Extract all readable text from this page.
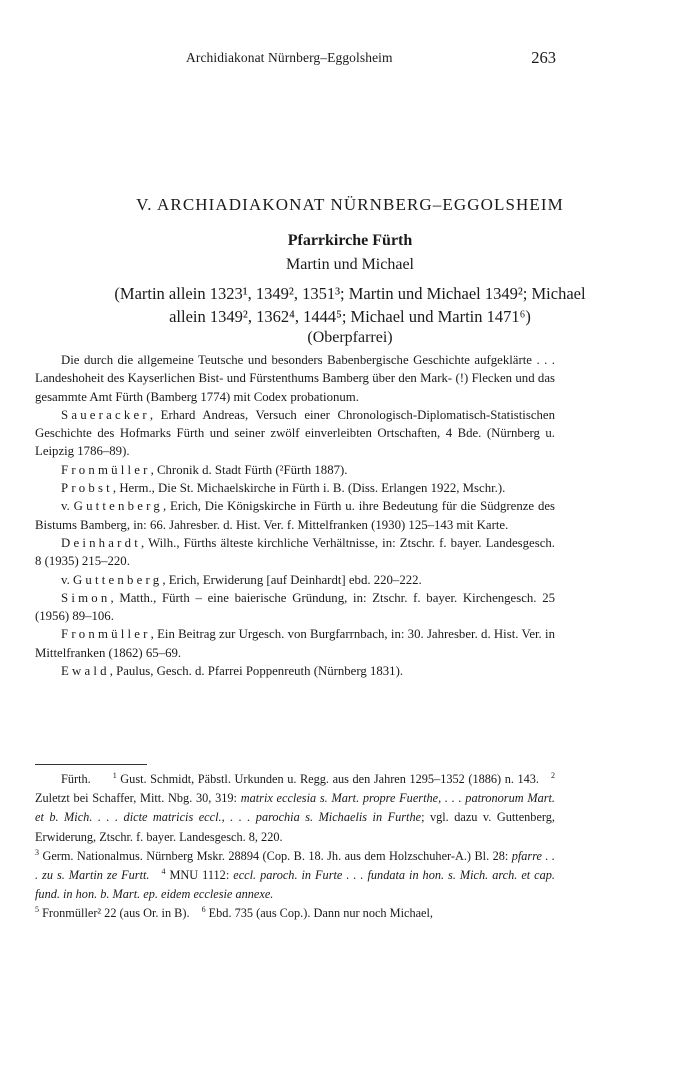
Archidiakonat Nürnberg–Eggolsheim	263
V. ARCHIADIAKONAT NÜRNBERG–EGGOLSHEIM
Pfarrkirche Fürth
Martin und Michael
(Martin allein 1323¹, 1349², 1351³; Martin und Michael 1349²; Michael
allein 1349², 1362⁴, 1444⁵; Michael und Martin 1471⁶)
(Oberpfarrei)

Die durch die allgemeine Teutsche und besonders Babenbergische Geschichte aufgeklärte . . . Landeshoheit des Kayserlichen Bist- und Fürstenthums Bamberg über den Mark- (!) Flecken und das gesammte Amt Fürth (Bamberg 1774) mit Codex probationum.

Saueracker, Erhard Andreas, Versuch einer Chronologisch-Diplomatisch-Statistischen Geschichte des Hofmarks Fürth und seiner zwölf einverleibten Ortschaften, 4 Bde. (Nürnberg u. Leipzig 1786–89).

Fronmüller, Chronik d. Stadt Fürth (²Fürth 1887).

Probst, Herm., Die St. Michaelskirche in Fürth i. B. (Diss. Erlangen 1922, Mschr.).

v. Guttenberg, Erich, Die Königskirche in Fürth u. ihre Bedeutung für die Südgrenze des Bistums Bamberg, in: 66. Jahresber. d. Hist. Ver. f. Mittelfranken (1930) 125–143 mit Karte.

Deinhardt, Wilh., Fürths älteste kirchliche Verhältnisse, in: Ztschr. f. bayer. Landesgesch. 8 (1935) 215–220.

v. Guttenberg, Erich, Erwiderung [auf Deinhardt] ebd. 220–222.

Simon, Matth., Fürth – eine baierische Gründung, in: Ztschr. f. bayer. Kirchengesch. 25 (1956) 89–106.

Fronmüller, Ein Beitrag zur Urgesch. von Burgfarrnbach, in: 30. Jahresber. d. Hist. Ver. in Mittelfranken (1862) 65–69.

Ewald, Paulus, Gesch. d. Pfarrei Poppenreuth (Nürnberg 1831).

Fürth.	$^1$ Gust. Schmidt, Päbstl. Urkunden u. Regg. aus den Jahren 1295–1352 (1886) n. 143. $^2$ Zuletzt bei Schaffer, Mitt. Nbg. 30, 319: matrix ecclesia s. Mart. propre Fuerthe, . . . patronorum Mart. et b. Mich. . . . dicte matricis eccl., . . . parochia s. Michaelis in Furthe; vgl. dazu v. Guttenberg, Erwiderung, Ztschr. f. bayer. Landesgesch. 8, 220.

$^3$ Germ. Nationalmus. Nürnberg Mskr. 28894 (Cop. B. 18. Jh. aus dem Holzschuher-A.) Bl. 28: pfarre . . . zu s. Martin ze Furtt. $^4$ MNU 1112: eccl. paroch. in Furte . . . fundata in hon. s. Mich. arch. et cap. fund. in hon. b. Mart. ep. eidem ecclesie annexe.

$^5$ Fronmüller² 22 (aus Or. in B). $^6$ Ebd. 735 (aus Cop.). Dann nur noch Michael,
